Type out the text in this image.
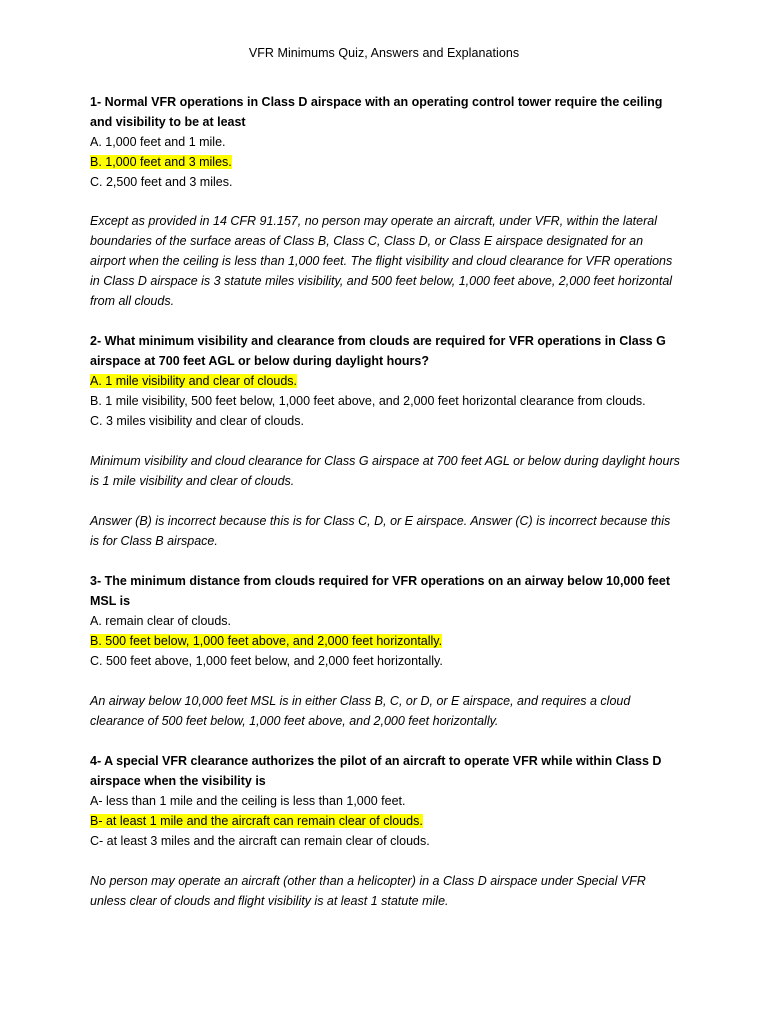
VFR Minimums Quiz, Answers and Explanations
1- Normal VFR operations in Class D airspace with an operating control tower require the ceiling and visibility to be at least
A. 1,000 feet and 1 mile.
B. 1,000 feet and 3 miles.
C. 2,500 feet and 3 miles.
Except as provided in 14 CFR 91.157, no person may operate an aircraft, under VFR, within the lateral boundaries of the surface areas of Class B, Class C, Class D, or Class E airspace designated for an airport when the ceiling is less than 1,000 feet. The flight visibility and cloud clearance for VFR operations in Class D airspace is 3 statute miles visibility, and 500 feet below, 1,000 feet above, 2,000 feet horizontal from all clouds.
2- What minimum visibility and clearance from clouds are required for VFR operations in Class G airspace at 700 feet AGL or below during daylight hours?
A. 1 mile visibility and clear of clouds.
B. 1 mile visibility, 500 feet below, 1,000 feet above, and 2,000 feet horizontal clearance from clouds.
C. 3 miles visibility and clear of clouds.
Minimum visibility and cloud clearance for Class G airspace at 700 feet AGL or below during daylight hours is 1 mile visibility and clear of clouds.
Answer (B) is incorrect because this is for Class C, D, or E airspace. Answer (C) is incorrect because this is for Class B airspace.
3- The minimum distance from clouds required for VFR operations on an airway below 10,000 feet MSL is
A. remain clear of clouds.
B. 500 feet below, 1,000 feet above, and 2,000 feet horizontally.
C. 500 feet above, 1,000 feet below, and 2,000 feet horizontally.
An airway below 10,000 feet MSL is in either Class B, C, or D, or E airspace, and requires a cloud clearance of 500 feet below, 1,000 feet above, and 2,000 feet horizontally.
4- A special VFR clearance authorizes the pilot of an aircraft to operate VFR while within Class D airspace when the visibility is
A- less than 1 mile and the ceiling is less than 1,000 feet.
B- at least 1 mile and the aircraft can remain clear of clouds.
C- at least 3 miles and the aircraft can remain clear of clouds.
No person may operate an aircraft (other than a helicopter) in a Class D airspace under Special VFR unless clear of clouds and flight visibility is at least 1 statute mile.
